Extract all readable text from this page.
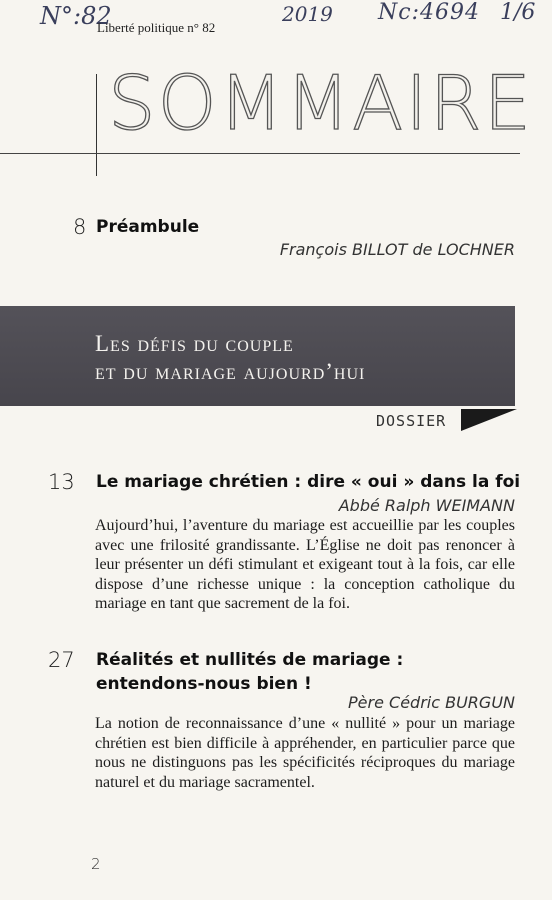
N°:82	2019 Nc:4694 1/6
Liberté politique n° 82
SOMMAIRE
8 Préambule
François BILLOT de LOCHNER
Les défis du couple
et du mariage aujourd’hui
DOSSIER
13 Le mariage chrétien : dire « oui » dans la foi
Abbé Ralph WEIMANN
Aujourd’hui, l’aventure du mariage est accueillie par les couples avec une frilosité grandissante. L’Église ne doit pas renoncer à leur présenter un défi stimulant et exigeant tout à la fois, car elle dispose d’une richesse unique : la conception catholique du mariage en tant que sacrement de la foi.
27 Réalités et nullités de mariage :
entendons-nous bien !
Père Cédric BURGUN
La notion de reconnaissance d’une « nullité » pour un mariage chrétien est bien difficile à appréhender, en particulier parce que nous ne distinguons pas les spécificités réciproques du mariage naturel et du mariage sacramentel.
2
